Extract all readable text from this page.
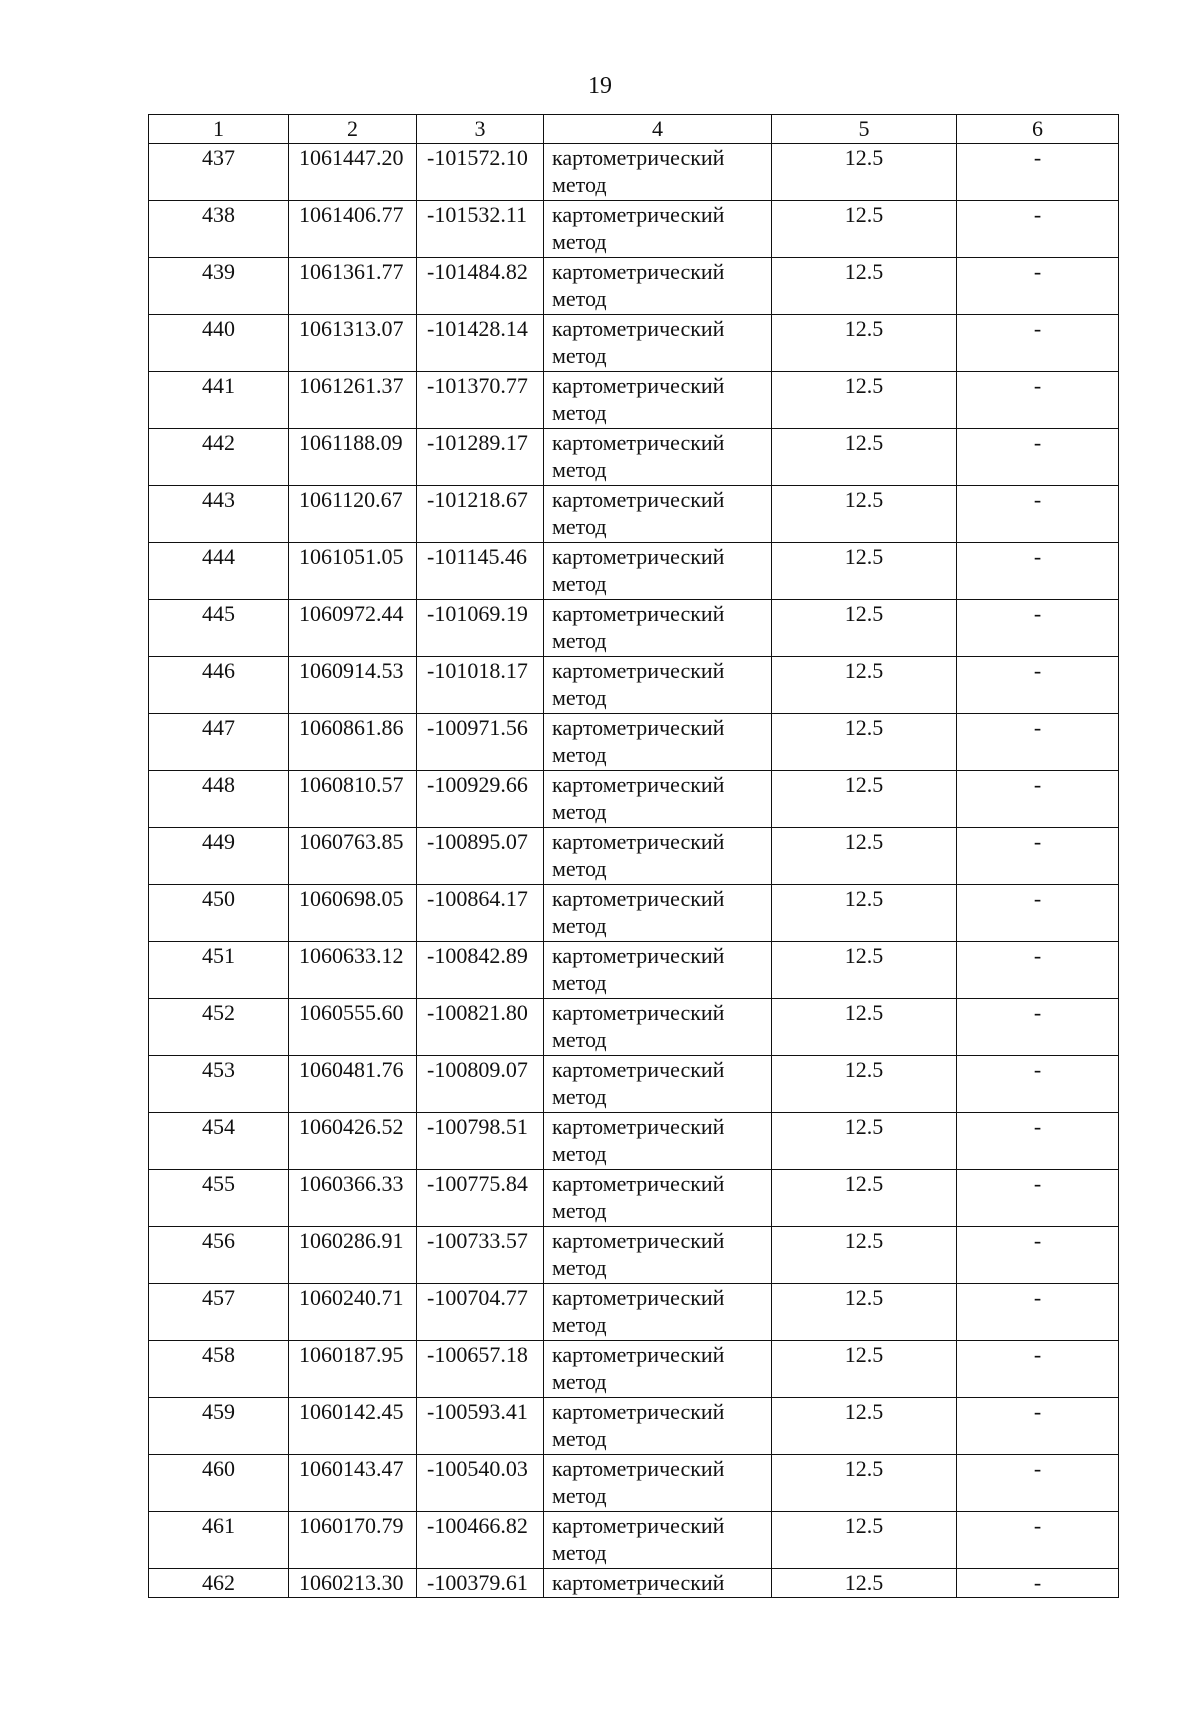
19
1	2	3	4	5	6
437	1061447.20	-101572.10	картометрический метод	12.5	-
438	1061406.77	-101532.11	картометрический метод	12.5	-
439	1061361.77	-101484.82	картометрический метод	12.5	-
440	1061313.07	-101428.14	картометрический метод	12.5	-
441	1061261.37	-101370.77	картометрический метод	12.5	-
442	1061188.09	-101289.17	картометрический метод	12.5	-
443	1061120.67	-101218.67	картометрический метод	12.5	-
444	1061051.05	-101145.46	картометрический метод	12.5	-
445	1060972.44	-101069.19	картометрический метод	12.5	-
446	1060914.53	-101018.17	картометрический метод	12.5	-
447	1060861.86	-100971.56	картометрический метод	12.5	-
448	1060810.57	-100929.66	картометрический метод	12.5	-
449	1060763.85	-100895.07	картометрический метод	12.5	-
450	1060698.05	-100864.17	картометрический метод	12.5	-
451	1060633.12	-100842.89	картометрический метод	12.5	-
452	1060555.60	-100821.80	картометрический метод	12.5	-
453	1060481.76	-100809.07	картометрический метод	12.5	-
454	1060426.52	-100798.51	картометрический метод	12.5	-
455	1060366.33	-100775.84	картометрический метод	12.5	-
456	1060286.91	-100733.57	картометрический метод	12.5	-
457	1060240.71	-100704.77	картометрический метод	12.5	-
458	1060187.95	-100657.18	картометрический метод	12.5	-
459	1060142.45	-100593.41	картометрический метод	12.5	-
460	1060143.47	-100540.03	картометрический метод	12.5	-
461	1060170.79	-100466.82	картометрический метод	12.5	-
462	1060213.30	-100379.61	картометрический	12.5	-
